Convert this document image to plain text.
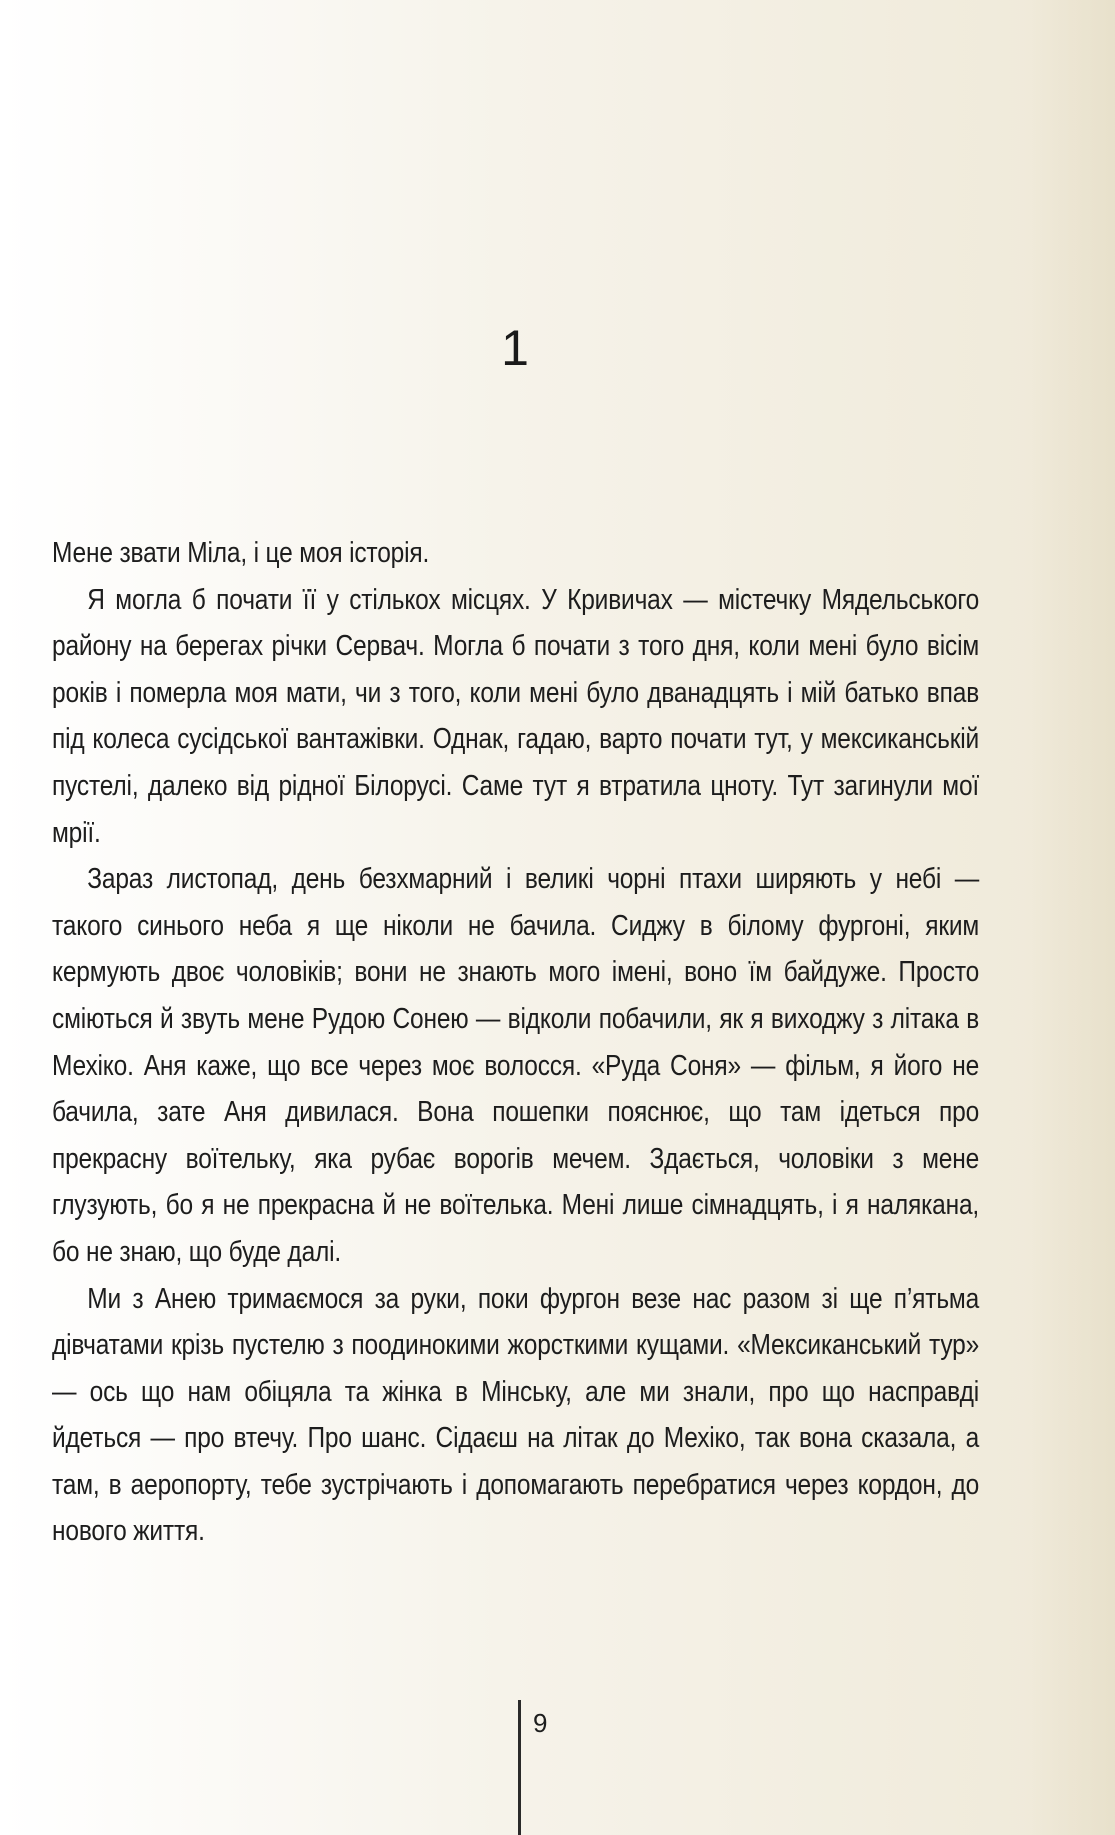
1

Мене звати Міла, і це моя історія.

Я могла б почати її у стількох місцях. У Кривичах — містечку Мядельського району на берегах річки Сервач. Могла б почати з того дня, коли мені було вісім років і померла моя мати, чи з того, коли мені було дванадцять і мій батько впав під колеса сусідської вантажівки. Однак, гадаю, варто почати тут, у мексиканській пустелі, далеко від рідної Білорусі. Саме тут я втратила цноту. Тут загинули мої мрії.

Зараз листопад, день безхмарний і великі чорні птахи ширяють у небі — такого синього неба я ще ніколи не бачила. Сиджу в білому фургоні, яким кермують двоє чоловіків; вони не знають мого імені, воно їм байдуже. Просто сміються й звуть мене Рудою Сонею — відколи побачили, як я виходжу з літака в Мехіко. Аня каже, що все через моє волосся. «Руда Соня» — фільм, я його не бачила, зате Аня дивилася. Вона пошепки пояснює, що там ідеться про прекрасну воїтельку, яка рубає ворогів мечем. Здається, чоловіки з мене глузують, бо я не прекрасна й не воїтелька. Мені лише сімнадцять, і я налякана, бо не знаю, що буде далі.

Ми з Анею тримаємося за руки, поки фургон везе нас разом зі ще п’ятьма дівчатами крізь пустелю з поодинокими жорсткими кущами. «Мексиканський тур» — ось що нам обіцяла та жінка в Мінську, але ми знали, про що насправді йдеться — про втечу. Про шанс. Сідаєш на літак до Мехіко, так вона сказала, а там, в аеропорту, тебе зустрічають і допомагають перебратися через кордон, до нового життя.

9
